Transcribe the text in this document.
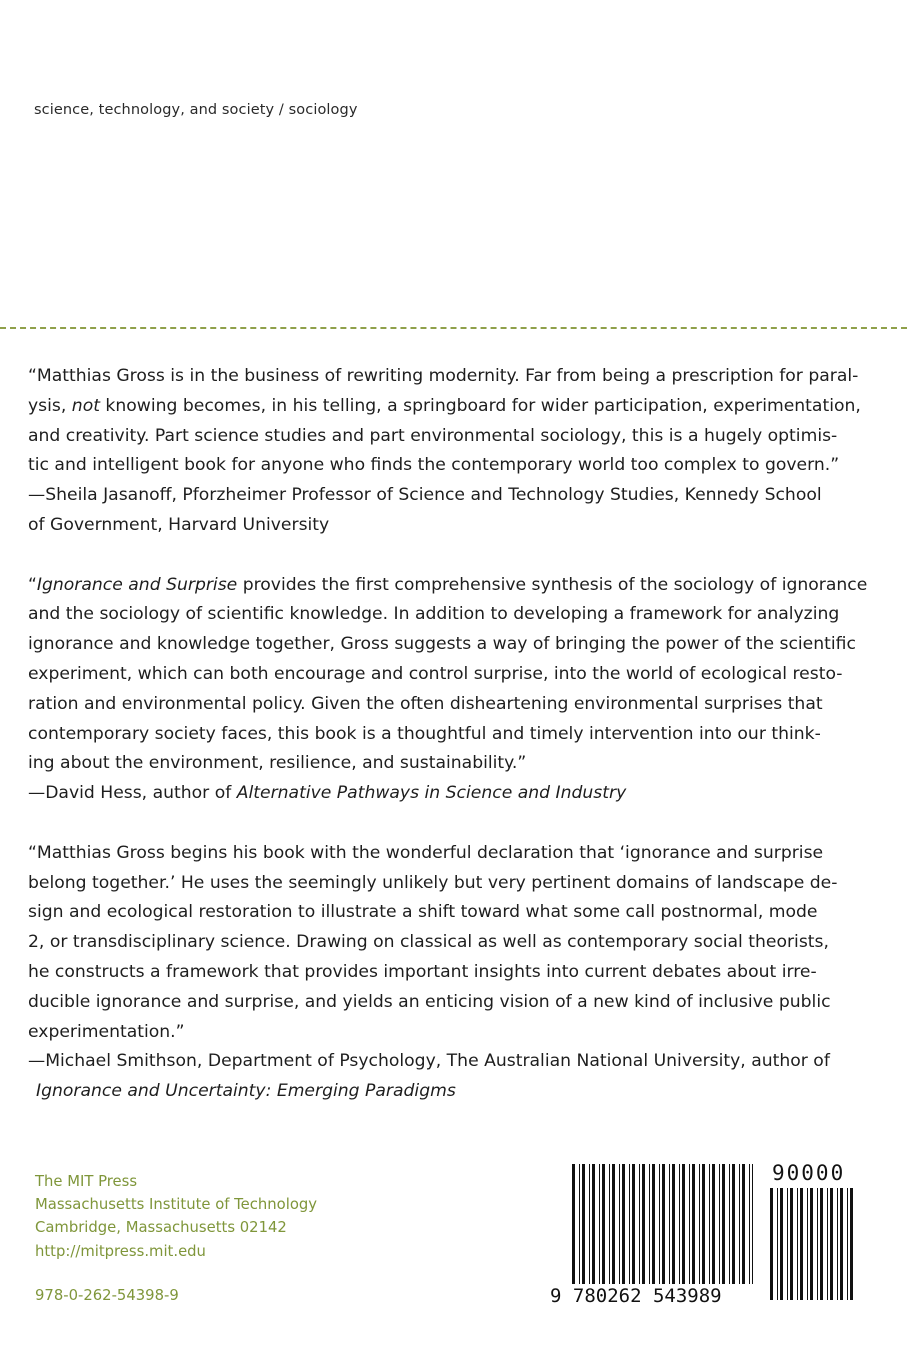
science, technology, and society / sociology
“Matthias Gross is in the business of rewriting modernity. Far from being a prescription for paral-
ysis, not knowing becomes, in his telling, a springboard for wider participation, experimentation,
and creativity. Part science studies and part environmental sociology, this is a hugely optimis-
tic and intelligent book for anyone who finds the contemporary world too complex to govern.”
—Sheila Jasanoff, Pforzheimer Professor of Science and Technology Studies, Kennedy School
of Government, Harvard University
“Ignorance and Surprise provides the first comprehensive synthesis of the sociology of ignorance
and the sociology of scientific knowledge. In addition to developing a framework for analyzing
ignorance and knowledge together, Gross suggests a way of bringing the power of the scientific
experiment, which can both encourage and control surprise, into the world of ecological resto-
ration and environmental policy. Given the often disheartening environmental surprises that
contemporary society faces, this book is a thoughtful and timely intervention into our think-
ing about the environment, resilience, and sustainability.”
—David Hess, author of Alternative Pathways in Science and Industry
“Matthias Gross begins his book with the wonderful declaration that ‘ignorance and surprise
belong together.’ He uses the seemingly unlikely but very pertinent domains of landscape de-
sign and ecological restoration to illustrate a shift toward what some call postnormal, mode
2, or transdisciplinary science. Drawing on classical as well as contemporary social theorists,
he constructs a framework that provides important insights into current debates about irre-
ducible ignorance and surprise, and yields an enticing vision of a new kind of inclusive public
experimentation.”
—Michael Smithson, Department of Psychology, The Australian National University, author of
Ignorance and Uncertainty: Emerging Paradigms
The MIT Press
Massachusetts Institute of Technology
Cambridge, Massachusetts 02142
http://mitpress.mit.edu
978-0-262-54398-9	9 780262 543989
90000
